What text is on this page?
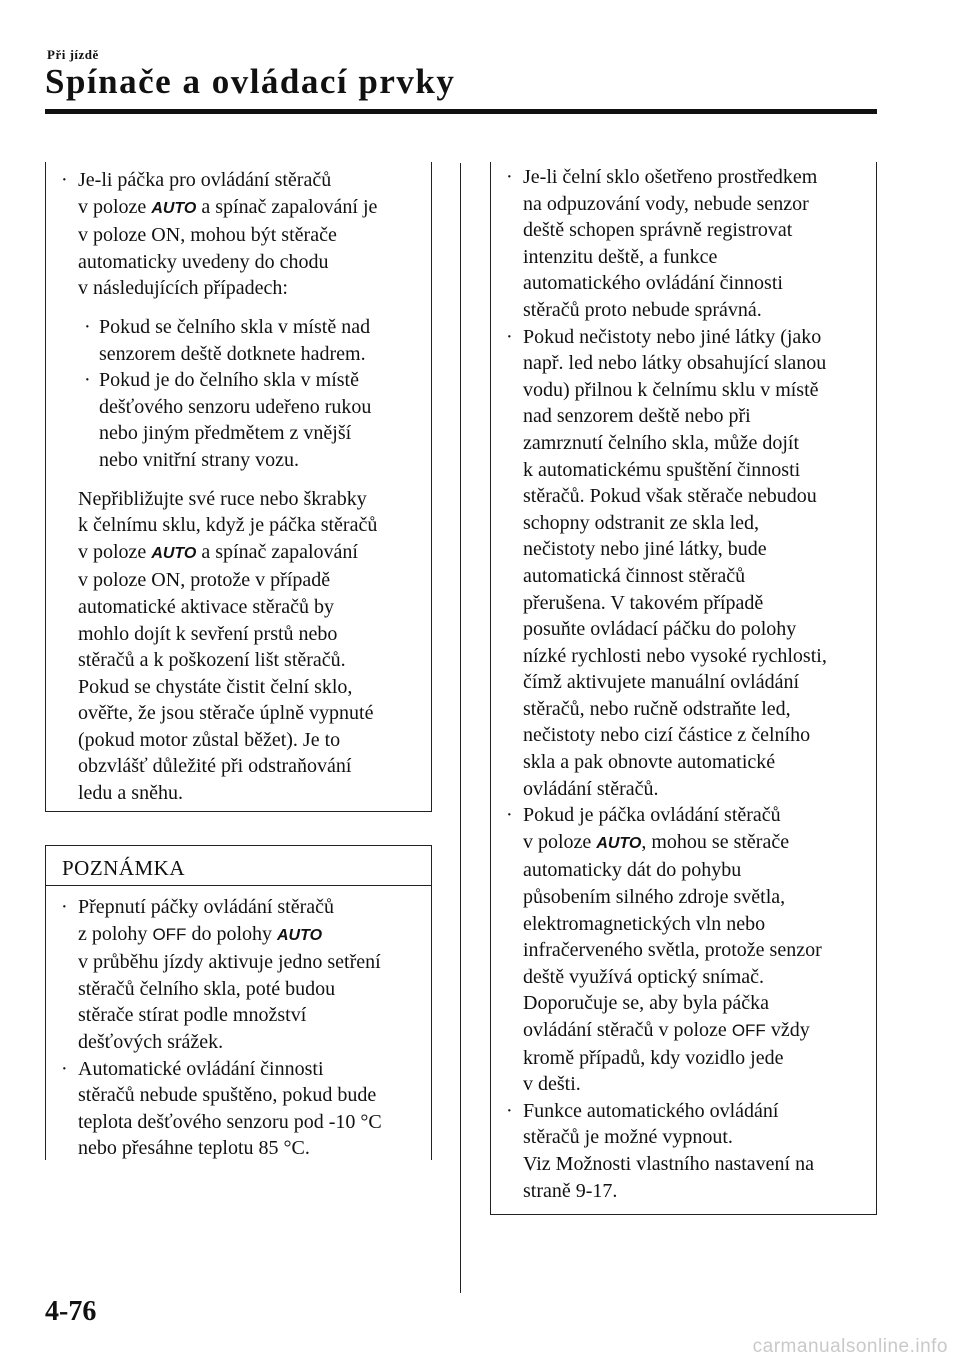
Při jízdě
Spínače a ovládací prvky
· Je-li páčka pro ovládání stěračů
v poloze AUTO a spínač zapalování je
v poloze ON, mohou být stěrače
automaticky uvedeny do chodu
v následujících případech:
· Pokud se čelního skla v místě nad
senzorem deště dotknete hadrem.
· Pokud je do čelního skla v místě
dešťového senzoru udeřeno rukou
nebo jiným předmětem z vnější
nebo vnitřní strany vozu.
Nepřibližujte své ruce nebo škrabky
k čelnímu sklu, když je páčka stěračů
v poloze AUTO a spínač zapalování
v poloze ON, protože v případě
automatické aktivace stěračů by
mohlo dojít k sevření prstů nebo
stěračů a k poškození lišt stěračů.
Pokud se chystáte čistit čelní sklo,
ověřte, že jsou stěrače úplně vypnuté
(pokud motor zůstal běžet). Je to
obzvlášť důležité při odstraňování
ledu a sněhu.
POZNÁMKA
· Přepnutí páčky ovládání stěračů
z polohy OFF do polohy AUTO
v průběhu jízdy aktivuje jedno setření
stěračů čelního skla, poté budou
stěrače stírat podle množství
dešťových srážek.
· Automatické ovládání činnosti
stěračů nebude spuštěno, pokud bude
teplota dešťového senzoru pod -10 °C
nebo přesáhne teplotu 85 °C.
· Je-li čelní sklo ošetřeno prostředkem
na odpuzování vody, nebude senzor
deště schopen správně registrovat
intenzitu deště, a funkce
automatického ovládání činnosti
stěračů proto nebude správná.
· Pokud nečistoty nebo jiné látky (jako
např. led nebo látky obsahující slanou
vodu) přilnou k čelnímu sklu v místě
nad senzorem deště nebo při
zamrznutí čelního skla, může dojít
k automatickému spuštění činnosti
stěračů. Pokud však stěrače nebudou
schopny odstranit ze skla led,
nečistoty nebo jiné látky, bude
automatická činnost stěračů
přerušena. V takovém případě
posuňte ovládací páčku do polohy
nízké rychlosti nebo vysoké rychlosti,
čímž aktivujete manuální ovládání
stěračů, nebo ručně odstraňte led,
nečistoty nebo cizí částice z čelního
skla a pak obnovte automatické
ovládání stěračů.
· Pokud je páčka ovládání stěračů
v poloze AUTO, mohou se stěrače
automaticky dát do pohybu
působením silného zdroje světla,
elektromagnetických vln nebo
infračerveného světla, protože senzor
deště využívá optický snímač.
Doporučuje se, aby byla páčka
ovládání stěračů v poloze OFF vždy
kromě případů, kdy vozidlo jede
v dešti.
· Funkce automatického ovládání
stěračů je možné vypnout.
Viz Možnosti vlastního nastavení na
straně 9-17.
4-76
carmanualsonline.info
